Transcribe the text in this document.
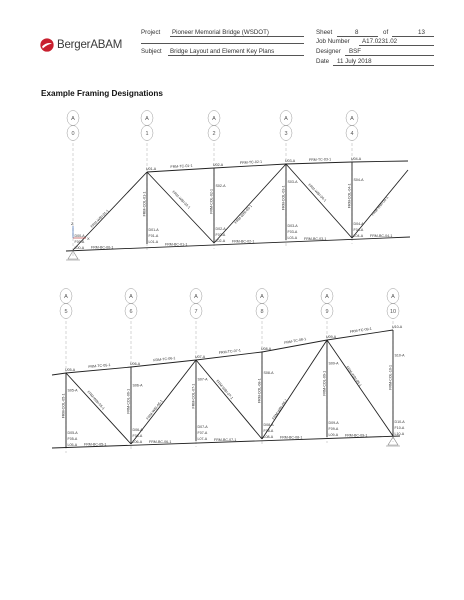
BergerABAM
Project Pioneer Memorial Bridge (WSDOT)	Sheet	8	of	13
Job Number A17.0231.02
Subject Bridge Layout and Element Key Plans	Designer BSF
Date 11 July 2018
Example Framing Designations
A
0
A
1
A
2
A
3
A
4
D00-A
F00-A
L00-A
U01-A
D01-A
F01-A
L01-A
U02-A
S02-A
D02-A
F02-A
L02-A
U03-A
S03-A
D03-A
F03-A
L03-A
U04-A
S04-A
D04-A
F04-A
L04-A
FRM-TC-01-1
FRM-TC-02-1
FRM-TC-03-1
FRM-BC-00-1
FRM-BC-01-1
FRM-BC-02-1
FRM-BC-03-1
FRM-BC-04-1
FRM-COL-01-1	FRM-COL-02-1	FRM-COL-03-1	FRM-COL-04-1
FRM-WBI-01-1
FRM-WBI-02-1
FRM-WBI-03-1
FRM-WBI-04-1
FRM-WBI-05-1
Z
X
A
5
A
6
A
7
A
8
A
9
A
10
U05-A
S05-A
D05-A
F05-A
L05-A
U06-A
S06-A
D06-A
F06-A
L06-A
U07-A
S07-A
D07-A
F07-A
L07-A
U08-A
S08-A
D08-A
F08-A
L08-A
U09-A
S09-A
D09-A
F09-A
L09-A
U10-A
S10-A
D10-A
F10-A
L10-A
FRM-TC-05-1
FRM-TC-06-1
FRM-TC-07-1
FRM-TC-08-1
FRM-TC-09-1
FRM-BC-05-1
FRM-BC-06-1
FRM-BC-07-1
FRM-BC-08-1
FRM-BC-09-1
FRM-COL-05-1	FRM-COL-06-1	FRM-COL-07-1	FRM-COL-08-1	FRM-COL-09-1	FRM-COL-10-1
FRM-WBI-05-1	FRM-WBI-06-1
FRM-WBI-07-1
FRM-WBI-08-1
FRM-WBI-09-1
